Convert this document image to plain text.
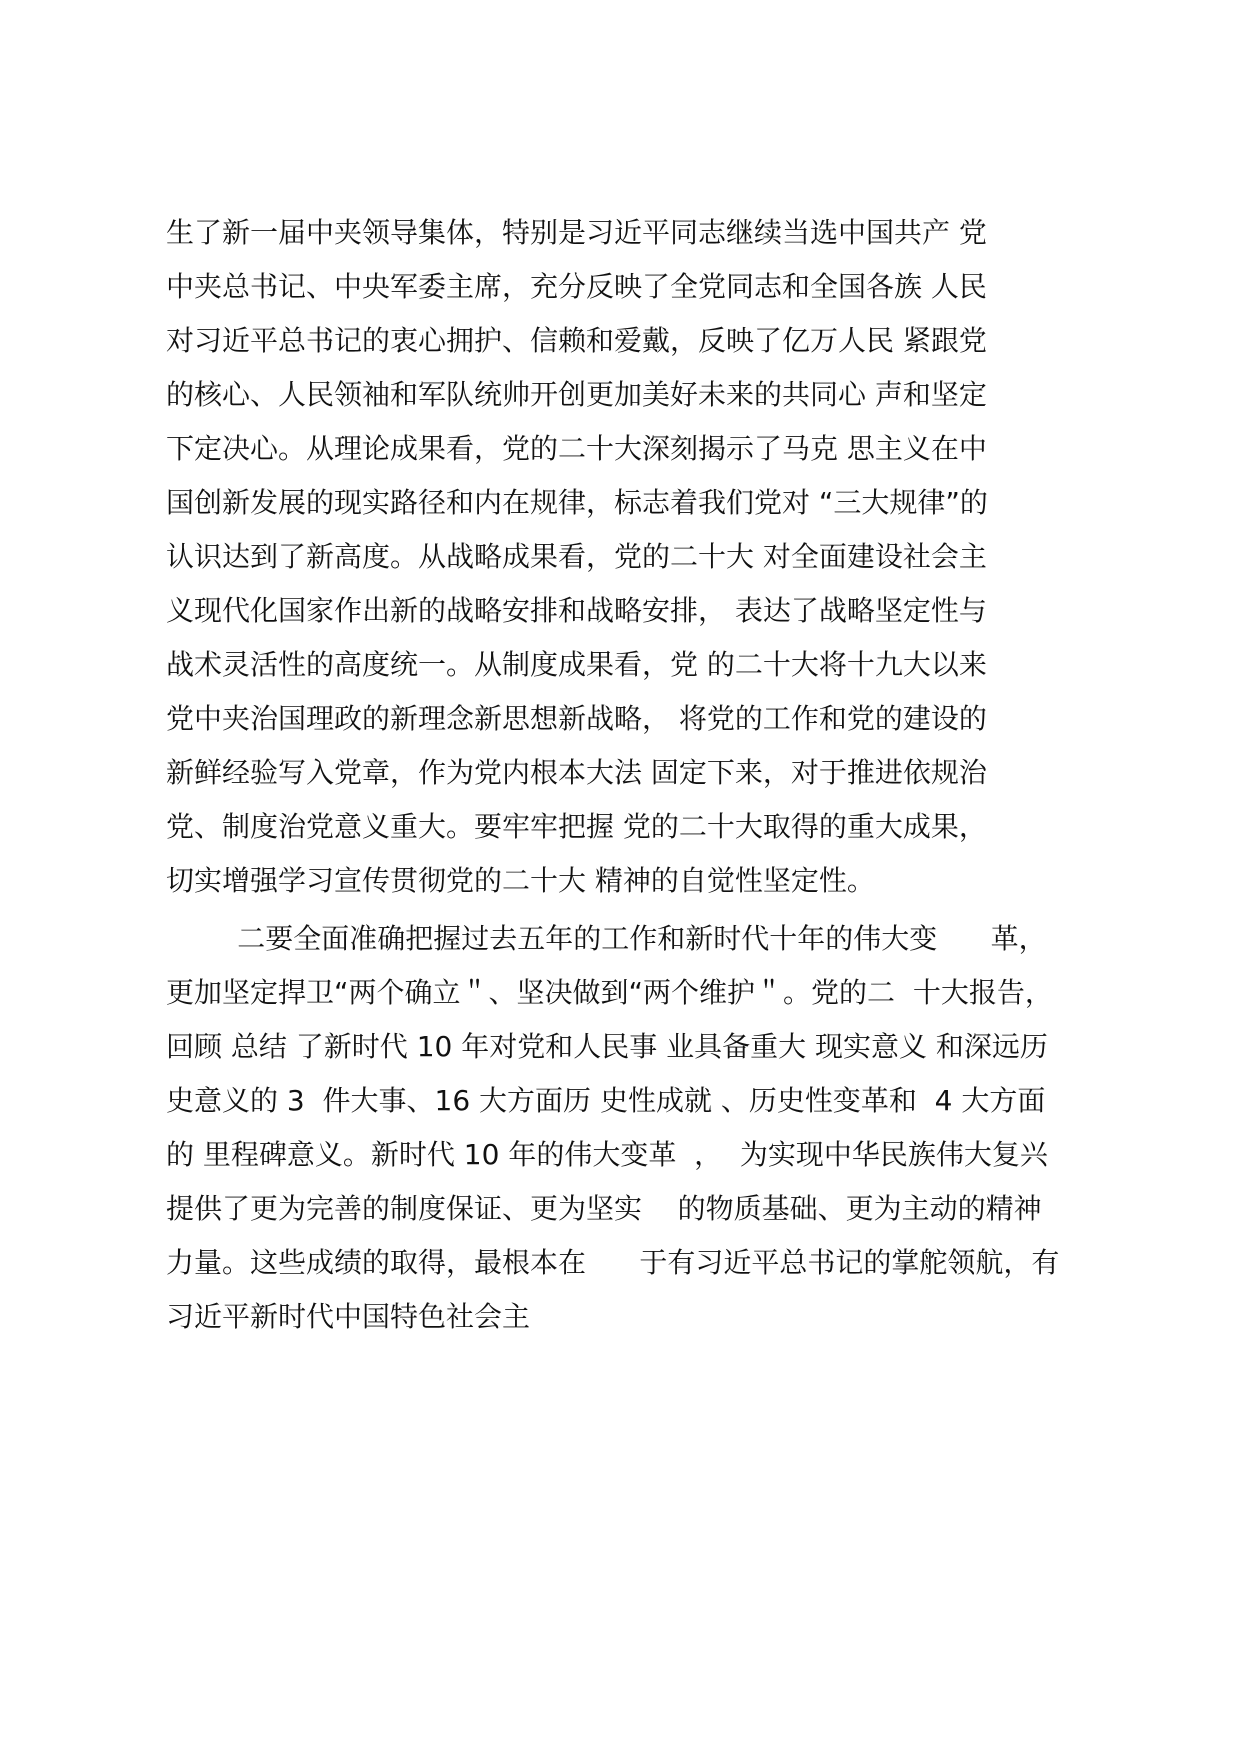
生了新一届中夹领导集体，特别是习近平同志继续当选中国共产 党
中夹总书记、中央军委主席，充分反映了全党同志和全国各族 人民
对习近平总书记的衷心拥护、信赖和爱戴，反映了亿万人民 紧跟党
的核心、人民领袖和军队统帅开创更加美好未来的共同心 声和坚定
下定决心。从理论成果看，党的二十大深刻揭示了马克 思主义在中
国创新发展的现实路径和内在规律，标志着我们党对 “三大规律”的
认识达到了新高度。从战略成果看，党的二十大 对全面建设社会主
义现代化国家作出新的战略安排和战略安排， 表达了战略坚定性与
战术灵活性的高度统一。从制度成果看，党 的二十大将十九大以来
党中夹治国理政的新理念新思想新战略， 将党的工作和党的建设的
新鲜经验写入党章，作为党内根本大法 固定下来，对于推进依规治
党、制度治党意义重大。要牢牢把握 党的二十大取得的重大成果，
切实增强学习宣传贯彻党的二十大 精神的自觉性坚定性。
二要全面准确把握过去五年的工作和新时代十年的伟大变      革，
更加坚定捍卫“两个确立＂、坚决做到“两个维护＂。党的二  十大报告，
回顾 总结 了新时代 10 年对党和人民事 业具备重大 现实意义 和深远历
史意义的 3  件大事、16 大方面历 史性成就 、历史性变革和  4 大方面
的 里程碑意义。新时代 10 年的伟大变革  ，  为实现中华民族伟大复兴
提供了更为完善的制度保证、更为坚实    的物质基础、更为主动的精神
力量。这些成绩的取得，最根本在      于有习近平总书记的掌舵领航，有
习近平新时代中国特色社会主
